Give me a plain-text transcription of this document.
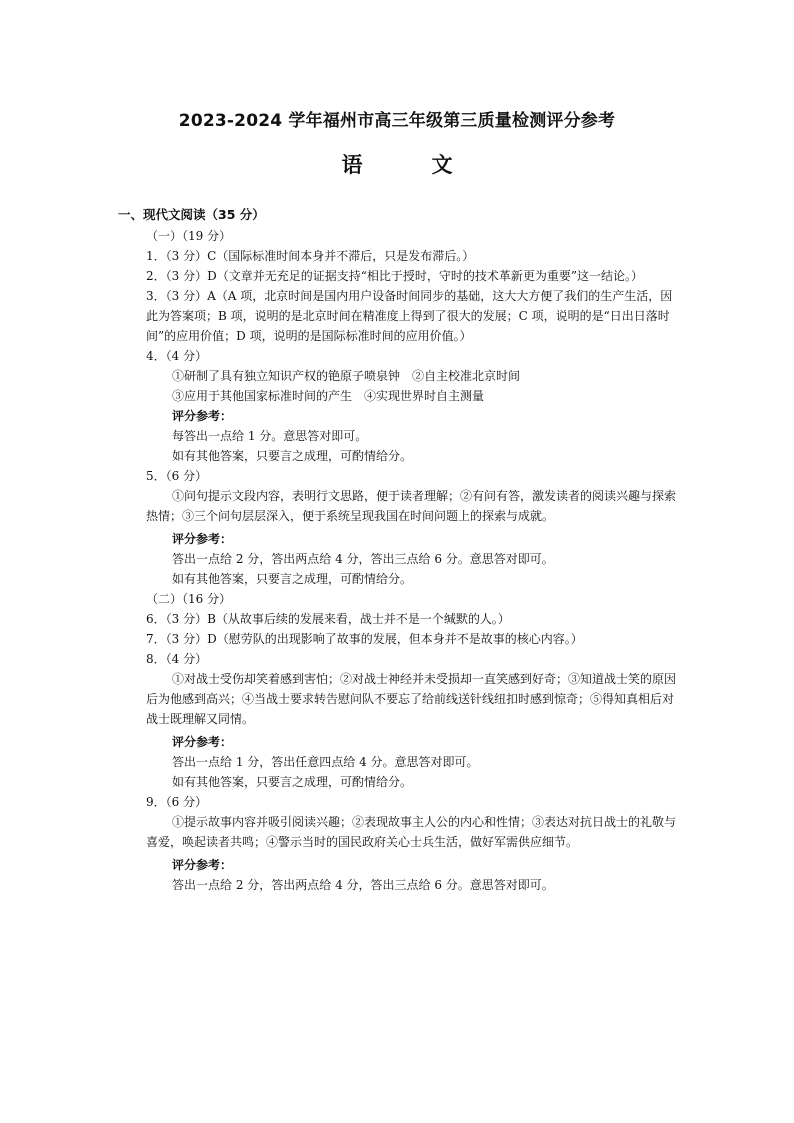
2023-2024 学年福州市高三年级第三质量检测评分参考
语　文
一、现代文阅读（35 分）
（一）（19 分）
1．（3 分）C（国际标准时间本身并不滞后，只是发布滞后。）
2．（3 分）D（文章并无充足的证据支持“相比于授时，守时的技术革新更为重要”这一结论。）
3．（3 分）A（A 项，北京时间是国内用户设备时间同步的基础，这大大方便了我们的生产生活，因此为答案项；B 项，说明的是北京时间在精准度上得到了很大的发展；C 项，说明的是“日出日落时间”的应用价值；D 项，说明的是国际标准时间的应用价值。）
4．（4 分）
①研制了具有独立知识产权的铯原子喷泉钟　②自主校准北京时间
③应用于其他国家标准时间的产生　④实现世界时自主测量
评分参考：
每答出一点给 1 分。意思答对即可。
如有其他答案，只要言之成理，可酌情给分。
5．（6 分）
①问句提示文段内容，表明行文思路，便于读者理解；②有问有答，激发读者的阅读兴趣与探索热情；③三个问句层层深入，便于系统呈现我国在时间问题上的探索与成就。
评分参考：
答出一点给 2 分，答出两点给 4 分，答出三点给 6 分。意思答对即可。
如有其他答案，只要言之成理，可酌情给分。
（二）（16 分）
6．（3 分）B（从故事后续的发展来看，战士并不是一个缄默的人。）
7．（3 分）D（慰劳队的出现影响了故事的发展，但本身并不是故事的核心内容。）
8．（4 分）
①对战士受伤却笑着感到害怕；②对战士神经并未受损却一直笑感到好奇；③知道战士笑的原因后为他感到高兴；④当战士要求转告慰问队不要忘了给前线送针线纽扣时感到惊奇；⑤得知真相后对战士既理解又同情。
评分参考：
答出一点给 1 分，答出任意四点给 4 分。意思答对即可。
如有其他答案，只要言之成理，可酌情给分。
9．（6 分）
①提示故事内容并吸引阅读兴趣；②表现故事主人公的内心和性情；③表达对抗日战士的礼敬与喜爱，唤起读者共鸣；④警示当时的国民政府关心士兵生活，做好军需供应细节。
评分参考：
答出一点给 2 分，答出两点给 4 分，答出三点给 6 分。意思答对即可。
